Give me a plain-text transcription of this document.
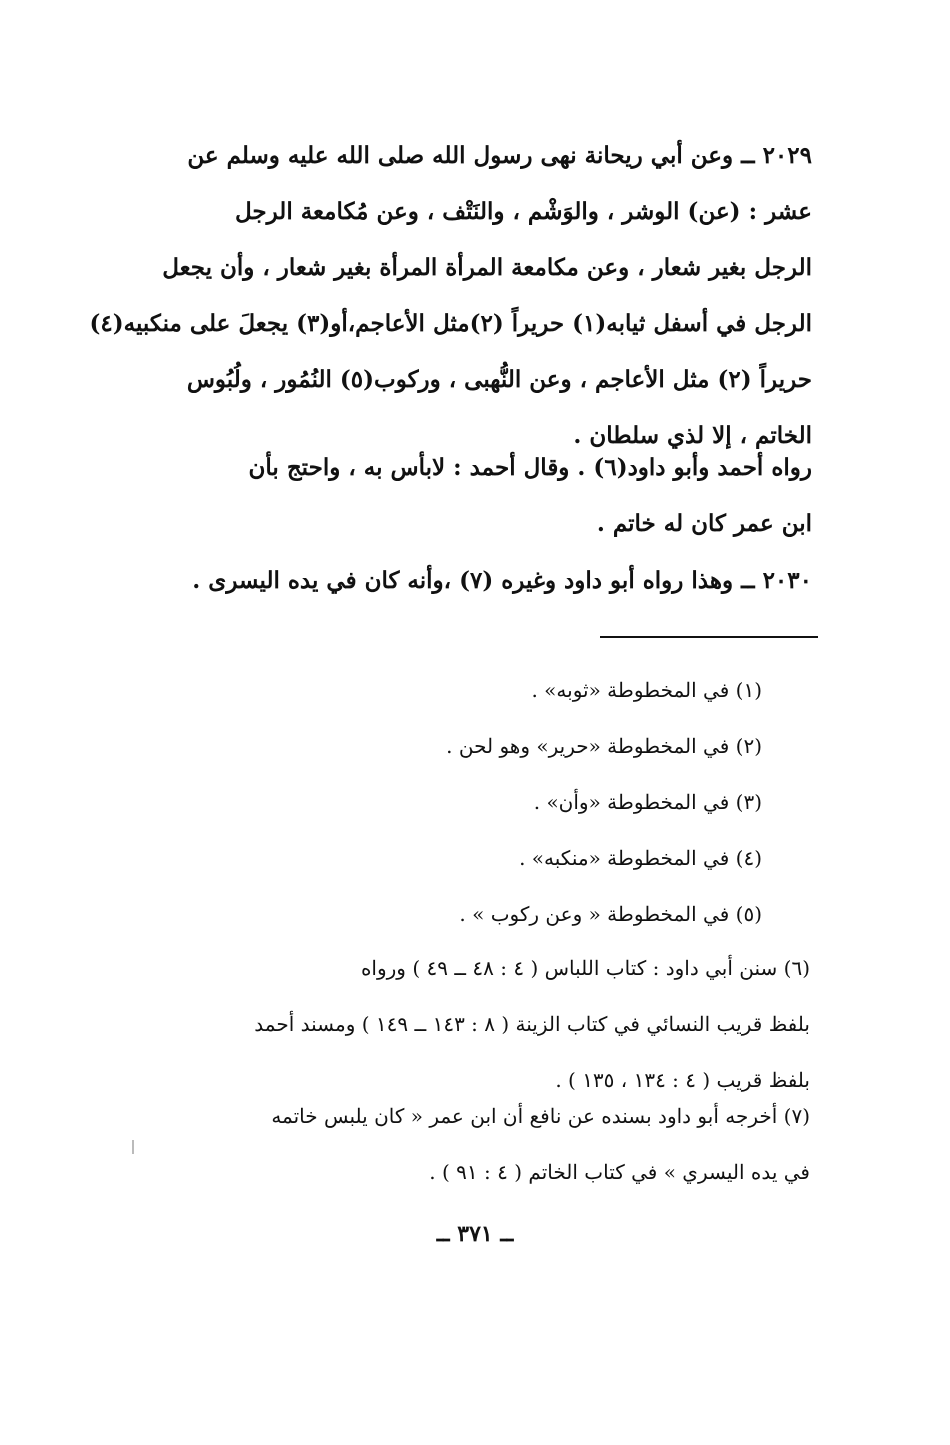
٢٠٢٩ ــ وعن أبي ريحانة نهى رسول الله صلى الله عليه وسلم عن
عشر : (عن) الوشر ، والوَشْم ، والنَتْف ، وعن مُكامعة الرجل
الرجل بغير شعار ، وعن مكامعة المرأة المرأة بغير شعار ، وأن يجعل
الرجل في أسفل ثيابه(١) حريراً (٢)مثل الأعاجم،أو(٣) يجعلَ على منكبيه(٤)
حريراً (٢) مثل الأعاجم ، وعن النُّهبى ، وركوب(٥) النُمُور ، ولُبُوس
الخاتم ، إلا لذي سلطان .
رواه أحمد وأبو داود(٦) . وقال أحمد : لابأس به ، واحتج بأن
ابن عمر كان له خاتم .
٢٠٣٠ ــ وهذا رواه أبو داود وغيره (٧) ،وأنه كان في يده اليسرى .
(١) في المخطوطة «ثوبه» .
(٢) في المخطوطة «حرير» وهو لحن .
(٣) في المخطوطة «وأن» .
(٤) في المخطوطة «منكبه» .
(٥) في المخطوطة « وعن ركوب » .
(٦) سنن أبي داود : كتاب اللباس ( ٤ : ٤٨ ــ ٤٩ ) ورواه
بلفظ قريب النسائي في كتاب الزينة ( ٨ : ١٤٣ ــ ١٤٩ ) ومسند أحمد
بلفظ قريب ( ٤ : ١٣٤ ، ١٣٥ ) .
(٧) أخرجه أبو داود بسنده عن نافع أن ابن عمر « كان يلبس خاتمه
في يده اليسري » في كتاب الخاتم ( ٤ : ٩١ ) .
ــ ٣٧١ ــ
